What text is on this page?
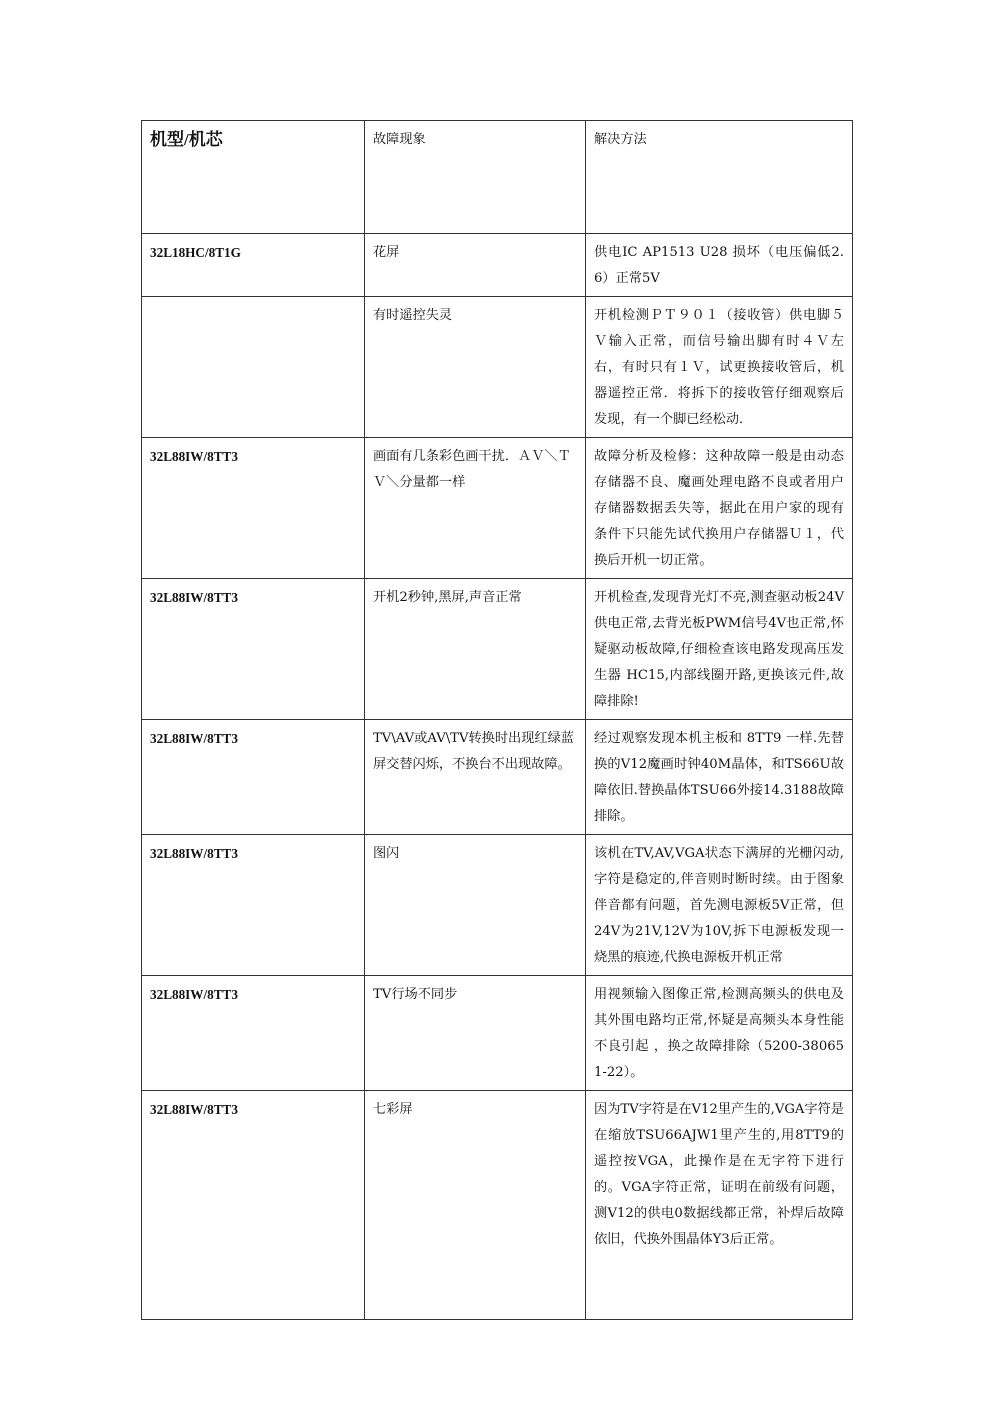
机型/机芯	故障现象	解决方法
32L18HC/8T1G	花屏	供电IC AP1513 U28 损坏（电压偏低2.6）正常5V
	有时遥控失灵	开机检测ＰＴ９０１（接收管）供电脚５Ｖ输入正常，而信号输出脚有时４Ｖ左右，有时只有１Ｖ，试更换接收管后，机器遥控正常．将拆下的接收管仔细观察后发现，有一个脚已经松动．
32L88IW/8TT3	画面有几条彩色画干扰．ＡＶ＼ＴＶ＼分量都一样	故障分析及检修：这种故障一般是由动态存储器不良、魔画处理电路不良或者用户存储器数据丢失等，据此在用户家的现有条件下只能先试代换用户存储器Ｕ１，代换后开机一切正常。
32L88IW/8TT3	开机2秒钟,黑屏,声音正常	开机检查,发现背光灯不亮,测查驱动板24V供电正常,去背光板PWM信号4V也正常,怀疑驱动板故障,仔细检查该电路发现高压发生器 HC15,内部线圈开路,更换该元件,故障排除!
32L88IW/8TT3	TV\AV或AV\TV转换时出现红绿蓝屏交替闪烁，不换台不出现故障。	经过观察发现本机主板和 8TT9 一样.先替换的V12魔画时钟40M晶体，和TS66U故障依旧.替换晶体TSU66外接14.3188故障排除。
32L88IW/8TT3	图闪	该机在TV,AV,VGA状态下满屏的光栅闪动,字符是稳定的,伴音则时断时续。由于图象伴音都有问题，首先测电源板5V正常，但24V为21V,12V为10V,拆下电源板发现一烧黑的痕迹,代换电源板开机正常
32L88IW/8TT3	TV行场不同步	用视频输入图像正常,检测高频头的供电及其外围电路均正常,怀疑是高频头本身性能不良引起 ，换之故障排除（5200-380651-22）。
32L88IW/8TT3	七彩屏	因为TV字符是在V12里产生的,VGA字符是在缩放TSU66AJW1里产生的,用8TT9的遥控按VGA，此操作是在无字符下进行的。VGA字符正常，证明在前级有问题，测V12的供电0数据线都正常，补焊后故障依旧，代换外围晶体Y3后正常。
